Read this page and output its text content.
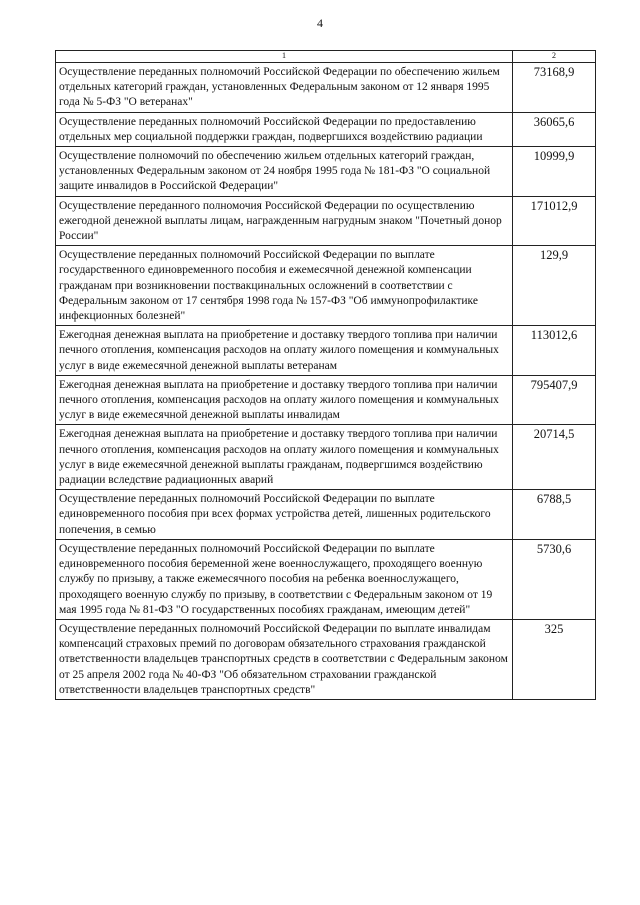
4
1	2
Осуществление переданных полномочий Российской Федерации по обеспечению жильем отдельных категорий граждан, установленных Федеральным законом от 12 января 1995 года № 5-ФЗ "О ветеранах"	73168,9
Осуществление переданных полномочий Российской Федерации по предоставлению отдельных мер социальной поддержки граждан, подвергшихся воздействию радиации	36065,6
Осуществление полномочий по обеспечению жильем отдельных категорий граждан, установленных Федеральным законом от 24 ноября 1995 года № 181-ФЗ "О социальной защите инвалидов в Российской Федерации"	10999,9
Осуществление переданного полномочия Российской Федерации по осуществлению ежегодной денежной выплаты лицам, награжденным нагрудным знаком "Почетный донор России"	171012,9
Осуществление переданных полномочий Российской Федерации по выплате государственного единовременного пособия и ежемесячной денежной компенсации гражданам при возникновении поствакцинальных осложнений в соответствии с Федеральным законом от 17 сентября 1998 года № 157-ФЗ "Об иммунопрофилактике инфекционных болезней"	129,9
Ежегодная денежная выплата на приобретение и доставку твердого топлива при наличии печного отопления, компенсация расходов на оплату жилого помещения и коммунальных услуг в виде ежемесячной денежной выплаты ветеранам	113012,6
Ежегодная денежная выплата на приобретение и доставку твердого топлива при наличии печного отопления, компенсация расходов на оплату жилого помещения и коммунальных услуг в виде ежемесячной денежной выплаты инвалидам	795407,9
Ежегодная денежная выплата на приобретение и доставку твердого топлива при наличии печного отопления, компенсация расходов на оплату жилого помещения и коммунальных услуг в виде ежемесячной денежной выплаты гражданам, подвергшимся воздействию радиации вследствие радиационных аварий	20714,5
Осуществление переданных полномочий Российской Федерации по выплате единовременного пособия при всех формах устройства детей, лишенных родительского попечения, в семью	6788,5
Осуществление переданных полномочий Российской Федерации по выплате единовременного пособия беременной жене военнослужащего, проходящего военную службу по призыву, а также ежемесячного пособия на ребенка военнослужащего, проходящего военную службу по призыву, в соответствии с Федеральным законом от 19 мая 1995 года № 81-ФЗ "О государственных пособиях гражданам, имеющим детей"	5730,6
Осуществление переданных полномочий Российской Федерации по выплате инвалидам компенсаций страховых премий по договорам обязательного страхования гражданской ответственности владельцев транспортных средств в соответствии с Федеральным законом от 25 апреля 2002 года № 40-ФЗ "Об обязательном страховании гражданской ответственности владельцев транспортных средств"	325
